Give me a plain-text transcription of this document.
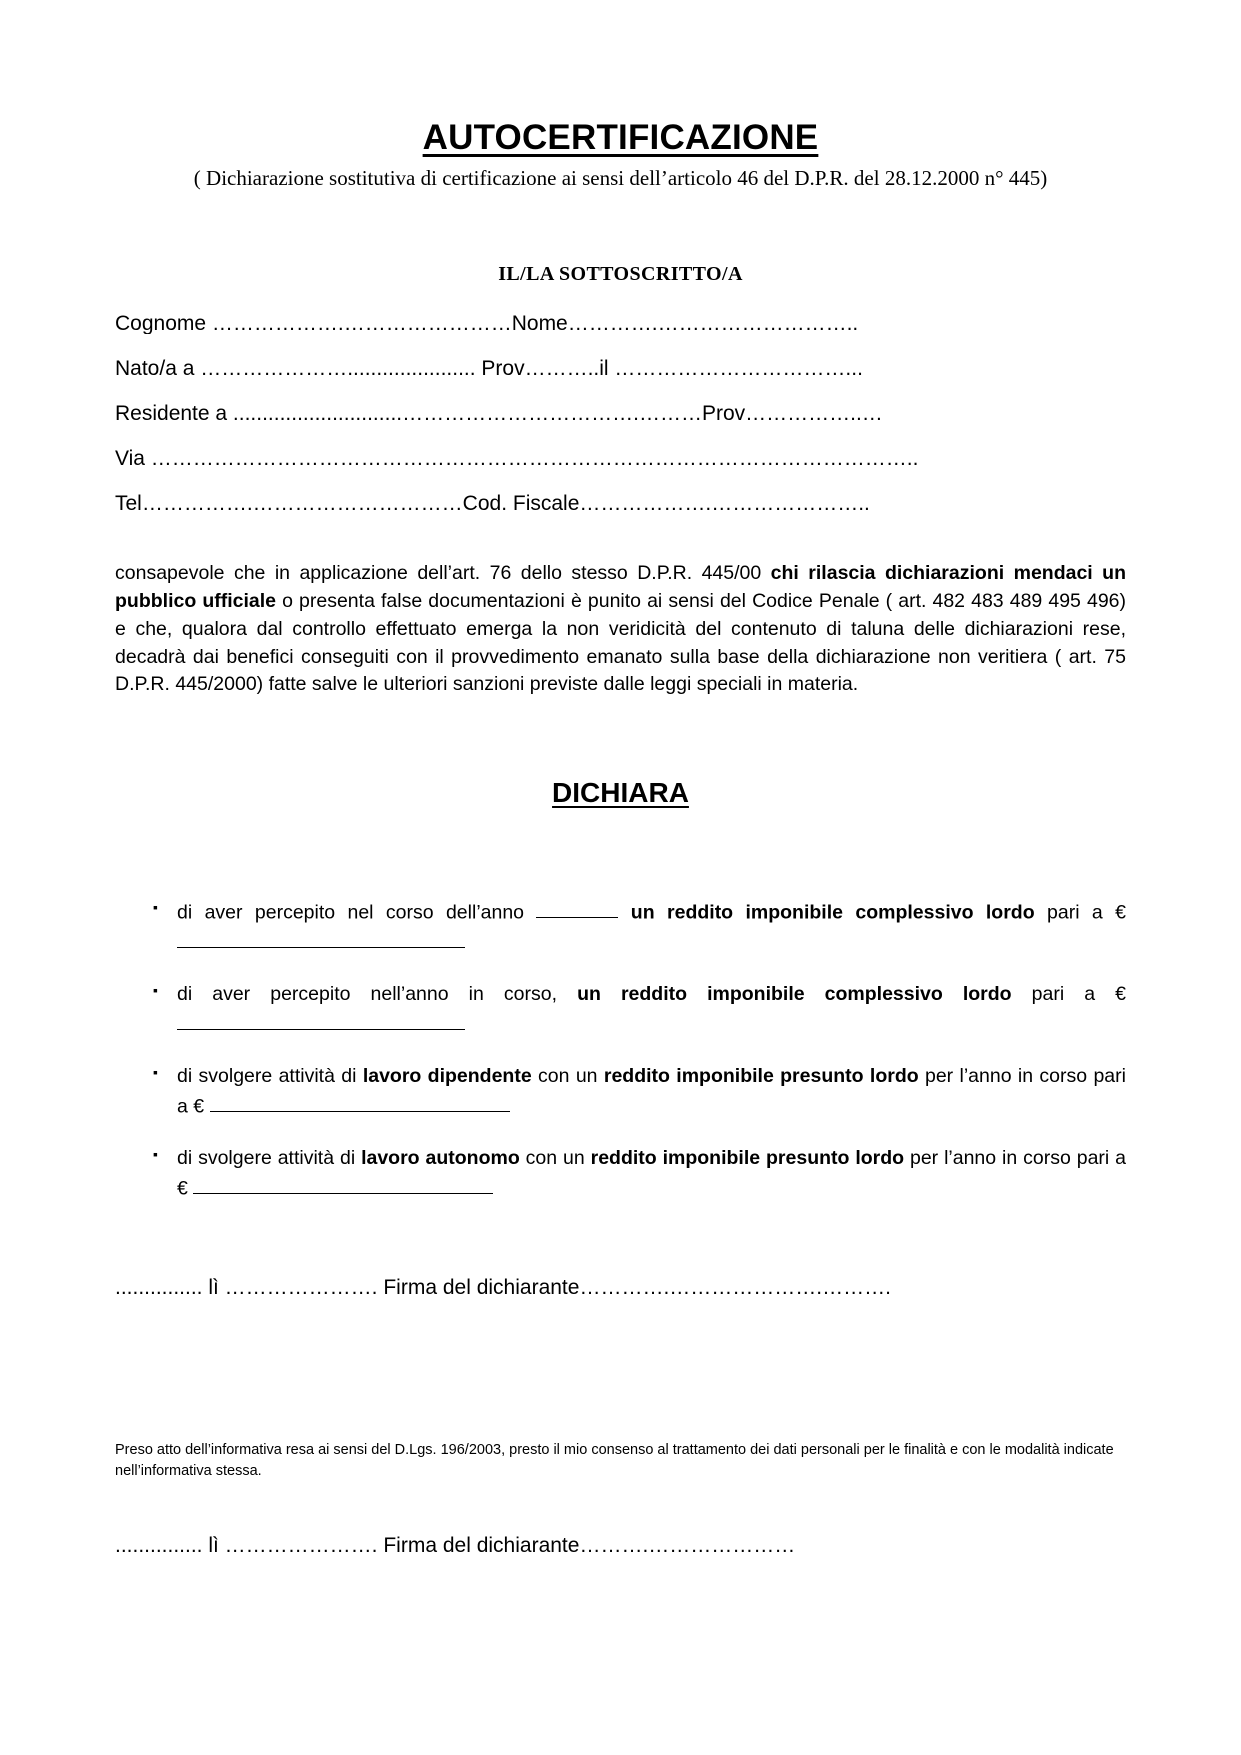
AUTOCERTIFICAZIONE
( Dichiarazione sostitutiva di certificazione ai sensi dell’articolo 46 del D.P.R. del 28.12.2000 n° 445)
IL/LA SOTTOSCRITTO/A
Cognome ……………….……………………Nome………….………………………..
Nato/a a …………………...................... Prov………..il ……………………………...
Residente a .............................…………………………….………Prov……………..…
Via ………………………………………………………………………………………………..
Tel…………….…………………………Cod. Fiscale……………….…………………..

consapevole che in applicazione dell’art. 76 dello stesso D.P.R. 445/00 chi rilascia dichiarazioni mendaci un pubblico ufficiale o presenta false documentazioni è punito ai sensi del Codice Penale ( art. 482 483 489 495 496) e che, qualora dal controllo effettuato emerga la non veridicità del contenuto di taluna delle dichiarazioni rese, decadrà dai benefici conseguiti con il provvedimento emanato sulla base della dichiarazione non veritiera ( art. 75 D.P.R. 445/2000) fatte salve le ulteriori sanzioni previste dalle leggi speciali in materia.

DICHIARA
▪ di aver percepito nel corso dell’anno	un reddito imponibile complessivo lordo pari a €
▪ di aver percepito nell’anno in corso, un reddito imponibile complessivo lordo pari a €
▪ di svolgere attività di lavoro dipendente con un reddito imponibile presunto lordo per l’anno in corso pari a €
▪ di svolgere attività di lavoro autonomo con un reddito imponibile presunto lordo per l’anno in corso pari a €
............... lì …………………. Firma del dichiarante………….………………….……….

Preso atto dell’informativa resa ai sensi del D.Lgs. 196/2003, presto il mio consenso al trattamento dei dati personali per le finalità e con le modalità indicate nell’informativa stessa.

............... lì …………………. Firma del dichiarante……….…………………
